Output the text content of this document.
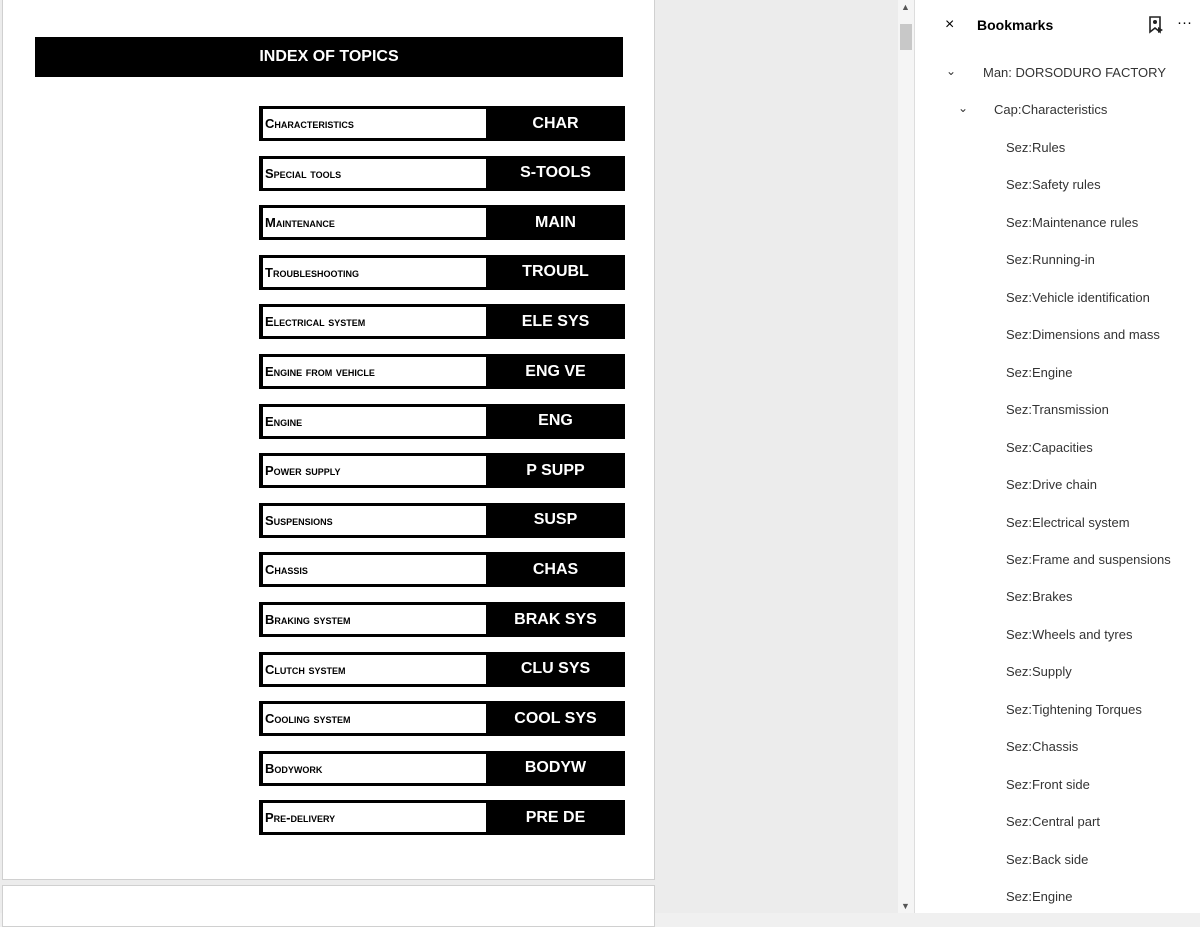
INDEX OF TOPICS
Characteristics	CHAR
Special tools	S-TOOLS
Maintenance	MAIN
Troubleshooting	TROUBL
Electrical system	ELE SYS
Engine from vehicle	ENG VE
Engine	ENG
Power supply	P SUPP
Suspensions	SUSP
Chassis	CHAS
Braking system	BRAK SYS
Clutch system	CLU SYS
Cooling system	COOL SYS
Bodywork	BODYW
Pre-delivery	PRE DE
▲
▼
× Bookmarks	···
⌄ Man: DORSODURO FACTORY
⌄ Cap:Characteristics
Sez:Rules
Sez:Safety rules
Sez:Maintenance rules
Sez:Running-in
Sez:Vehicle identification
Sez:Dimensions and mass
Sez:Engine
Sez:Transmission
Sez:Capacities
Sez:Drive chain
Sez:Electrical system
Sez:Frame and suspensions
Sez:Brakes
Sez:Wheels and tyres
Sez:Supply
Sez:Tightening Torques
Sez:Chassis
Sez:Front side
Sez:Central part
Sez:Back side
Sez:Engine
